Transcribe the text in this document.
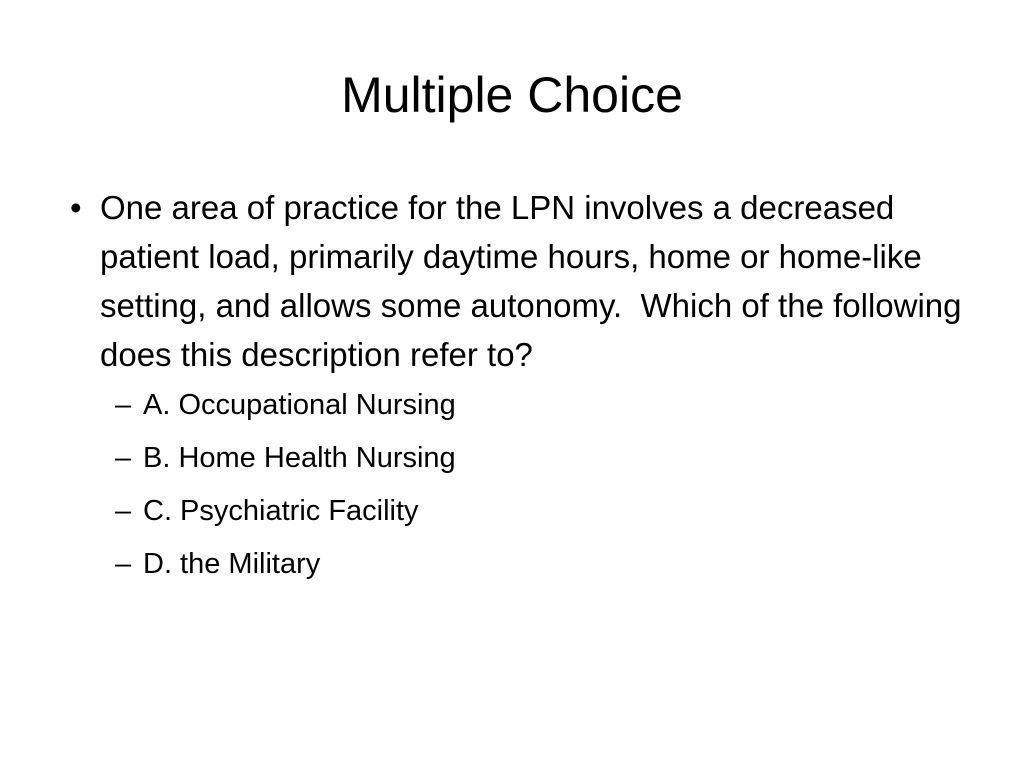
Multiple Choice
• One area of practice for the LPN involves a decreased patient load, primarily daytime hours, home or home-like setting, and allows some autonomy.  Which of the following does this description refer to?
– A. Occupational Nursing
– B. Home Health Nursing
– C. Psychiatric Facility
– D. the Military
